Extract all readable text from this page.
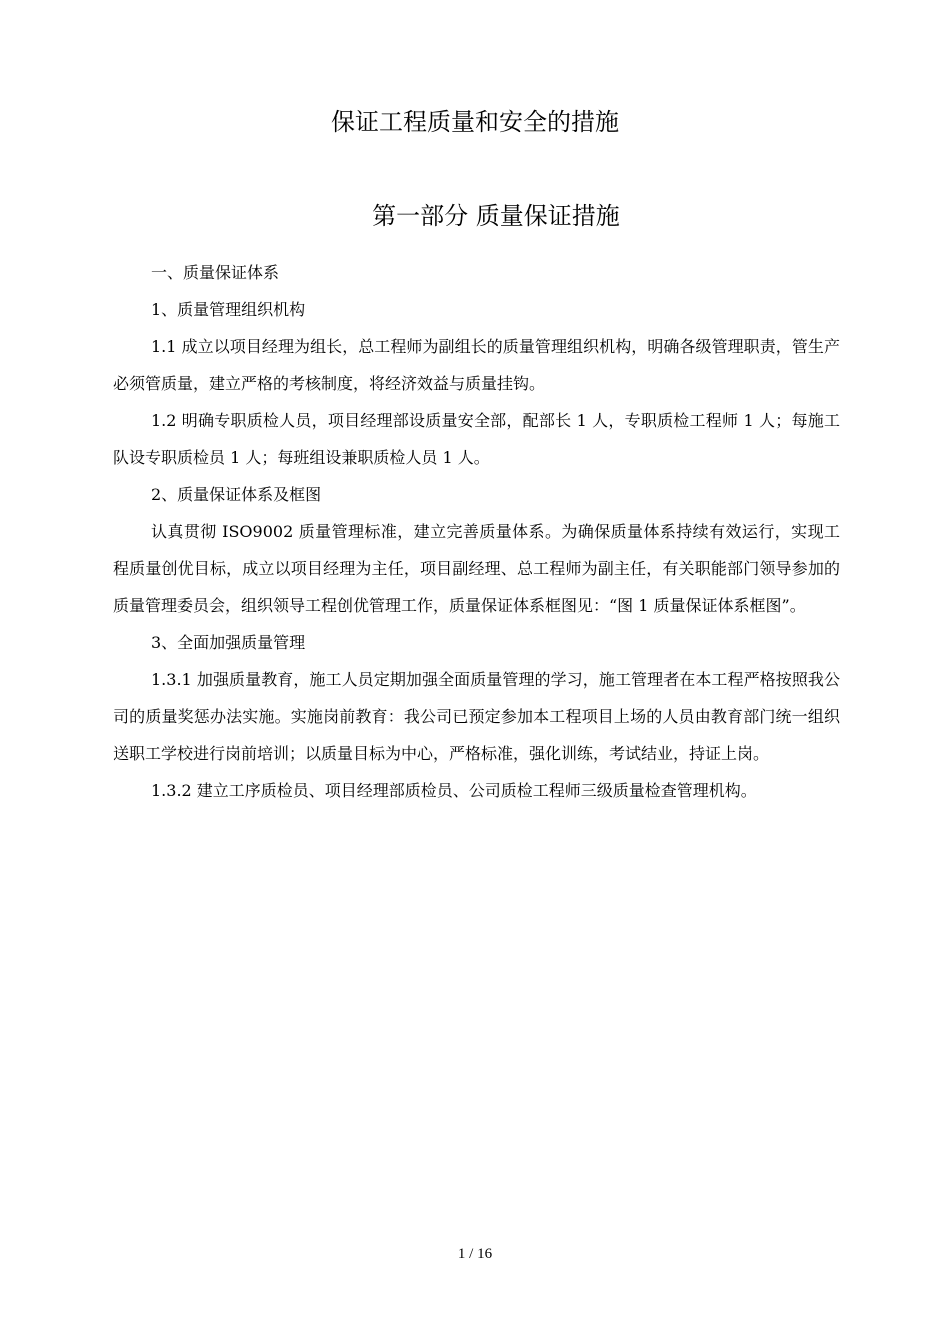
保证工程质量和安全的措施
第一部分 质量保证措施

一、质量保证体系

1、质量管理组织机构

1.1 成立以项目经理为组长，总工程师为副组长的质量管理组织机构，明确各级管理职责，管生产必须管质量，建立严格的考核制度，将经济效益与质量挂钩。

1.2 明确专职质检人员，项目经理部设质量安全部，配部长 1 人，专职质检工程师 1 人；每施工队设专职质检员 1 人；每班组设兼职质检人员 1 人。

2、质量保证体系及框图

认真贯彻 ISO9002 质量管理标准，建立完善质量体系。为确保质量体系持续有效运行，实现工程质量创优目标，成立以项目经理为主任，项目副经理、总工程师为副主任，有关职能部门领导参加的质量管理委员会，组织领导工程创优管理工作，质量保证体系框图见：“图 1 质量保证体系框图”。

3、全面加强质量管理

1.3.1 加强质量教育，施工人员定期加强全面质量管理的学习，施工管理者在本工程严格按照我公司的质量奖惩办法实施。实施岗前教育：我公司已预定参加本工程项目上场的人员由教育部门统一组织送职工学校进行岗前培训；以质量目标为中心，严格标准，强化训练，考试结业，持证上岗。

1.3.2 建立工序质检员、项目经理部质检员、公司质检工程师三级质量检查管理机构。

1 / 16
